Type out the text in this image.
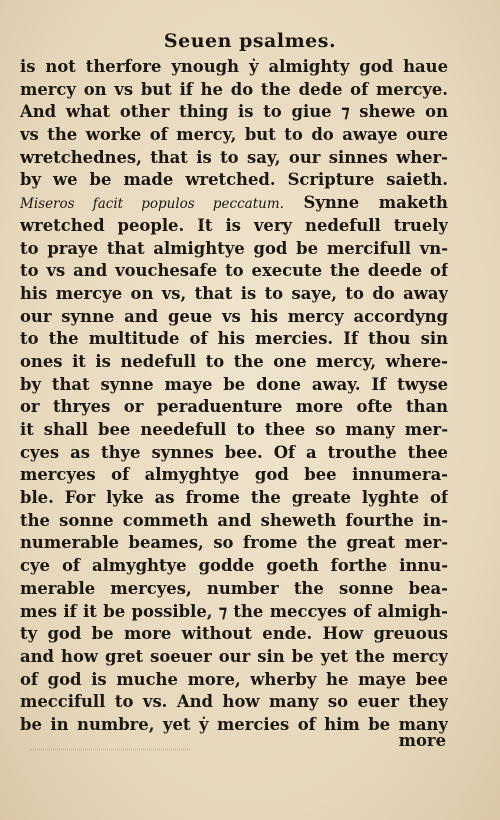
Seuen psalmes.
is not therfore ynough ẏ almighty god haue
mercy on vs but if he do the dede of mercye.
And what other thing is to giue ⁊ shewe on
vs the worke of mercy, but to do awaye oure
wretchednes, that is to say, our sinnes wher-
by we be made wretched. Scripture saieth.
Miseros facit populos peccatum. Synne maketh
wretched people. It is very nedefull truely
to praye that almightye god be mercifull vn-
to vs and vouchesafe to execute the deede of
his mercye on vs, that is to saye, to do away
our synne and geue vs his mercy accordyng
to the multitude of his mercies. If thou sin
ones it is nedefull to the one mercy, where-
by that synne maye be done away. If twyse
or thryes or peraduenture more ofte than
it shall bee needefull to thee so many mer-
cyes as thye synnes bee. Of a trouthe thee
mercyes of almyghtye god bee innumera-
ble. For lyke as frome the greate lyghte of
the sonne commeth and sheweth fourthe in-
numerable beames, so frome the great mer-
cye of almyghtye godde goeth forthe innu-
merable mercyes, number the sonne bea-
mes if it be possible, ⁊ the meccyes of almigh-
ty god be more without ende. How greuous
and how gret soeuer our sin be yet the mercy
of god is muche more, wherby he maye bee
meccifull to vs. And how many so euer they
be in numbre, yet ẏ mercies of him be many
more
